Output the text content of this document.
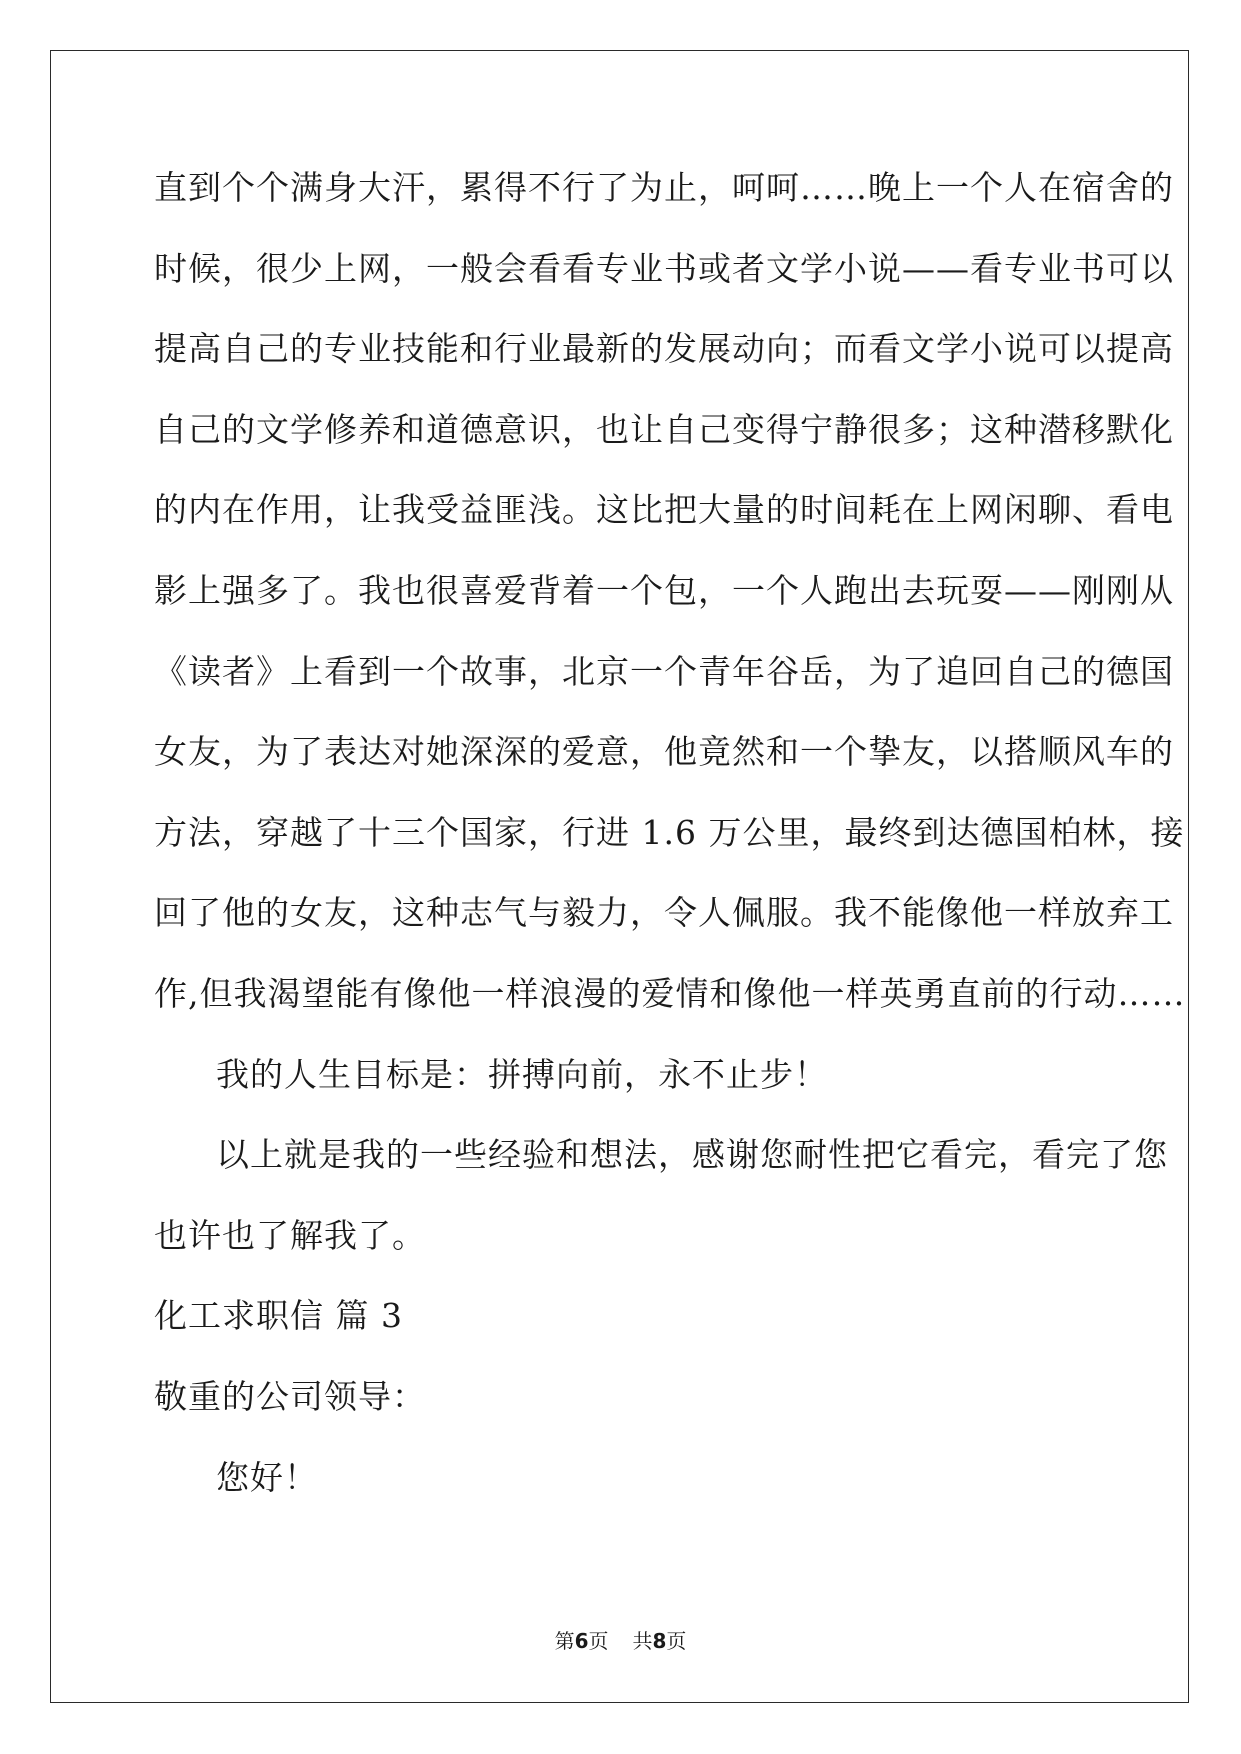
直到个个满身大汗，累得不行了为止，呵呵……晚上一个人在宿舍的
时候，很少上网，一般会看看专业书或者文学小说——看专业书可以
提高自己的专业技能和行业最新的发展动向；而看文学小说可以提高
自己的文学修养和道德意识，也让自己变得宁静很多；这种潜移默化
的内在作用，让我受益匪浅。这比把大量的时间耗在上网闲聊、看电
影上强多了。我也很喜爱背着一个包，一个人跑出去玩耍——刚刚从
《读者》上看到一个故事，北京一个青年谷岳，为了追回自己的德国
女友，为了表达对她深深的爱意，他竟然和一个挚友，以搭顺风车的
方法，穿越了十三个国家，行进 1.6 万公里，最终到达德国柏林，接
回了他的女友，这种志气与毅力，令人佩服。我不能像他一样放弃工
作,但我渴望能有像他一样浪漫的爱情和像他一样英勇直前的行动……
我的人生目标是：拼搏向前，永不止步！
以上就是我的一些经验和想法，感谢您耐性把它看完，看完了您
也许也了解我了。
化工求职信 篇 3
敬重的公司领导：
您好！
第6页 共8页
